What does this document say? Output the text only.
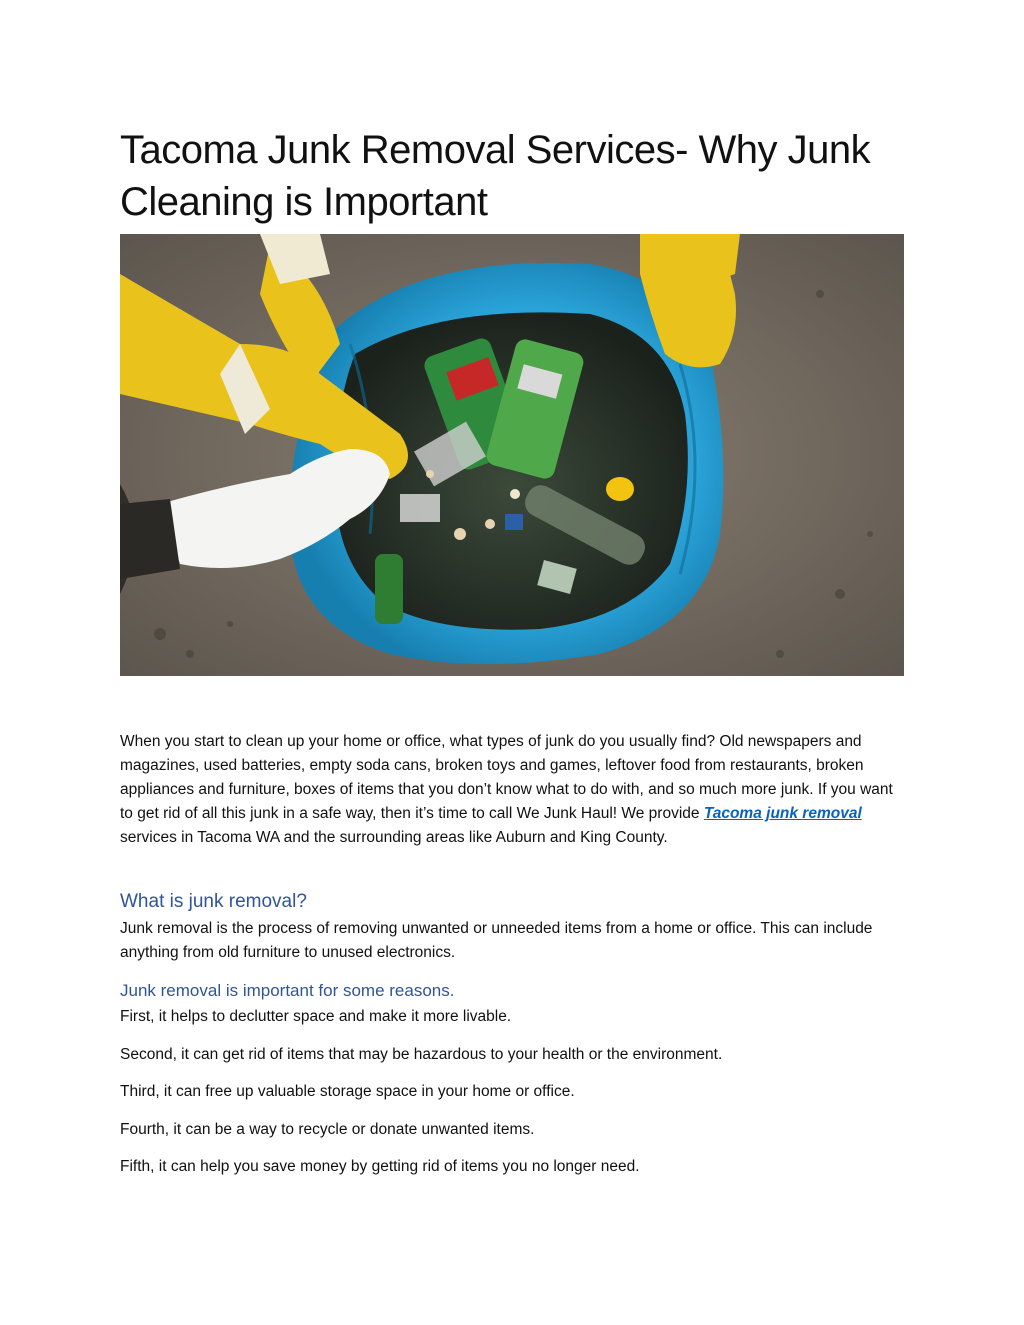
Tacoma Junk Removal Services- Why Junk Cleaning is Important

When you start to clean up your home or office, what types of junk do you usually find? Old newspapers and magazines, used batteries, empty soda cans, broken toys and games, leftover food from restaurants, broken appliances and furniture, boxes of items that you don’t know what to do with, and so much more junk. If you want to get rid of all this junk in a safe way, then it’s time to call We Junk Haul! We provide Tacoma junk removal services in Tacoma WA and the surrounding areas like Auburn and King County.

What is junk removal?

Junk removal is the process of removing unwanted or unneeded items from a home or office. This can include anything from old furniture to unused electronics.

Junk removal is important for some reasons.

First, it helps to declutter space and make it more livable.

Second, it can get rid of items that may be hazardous to your health or the environment.

Third, it can free up valuable storage space in your home or office.

Fourth, it can be a way to recycle or donate unwanted items.

Fifth, it can help you save money by getting rid of items you no longer need.
